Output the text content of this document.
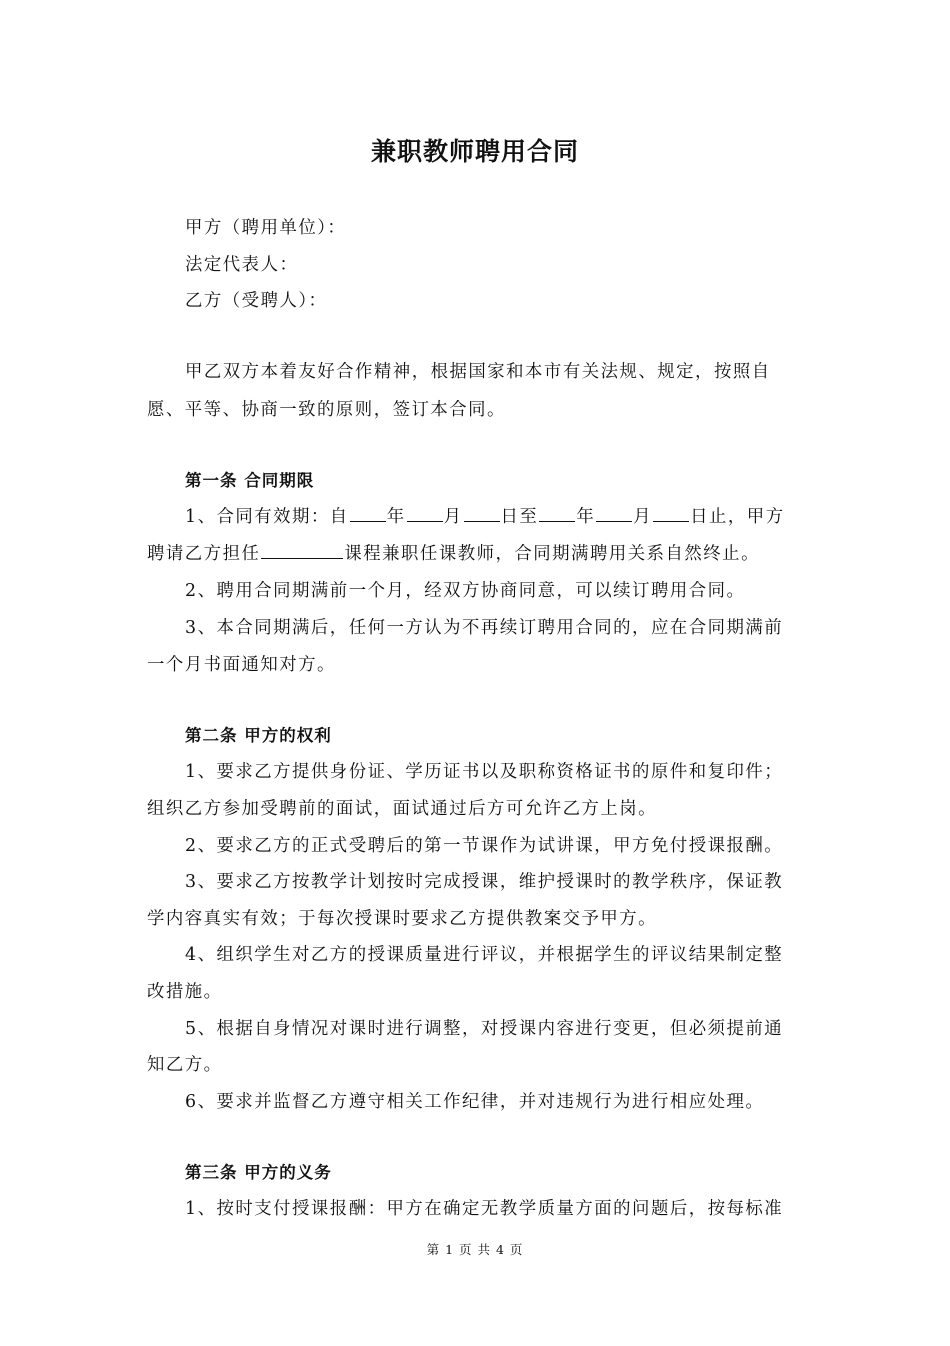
兼职教师聘用合同
甲方（聘用单位）：
法定代表人：
乙方（受聘人）：
甲乙双方本着友好合作精神，根据国家和本市有关法规、规定，按照自
愿、平等、协商一致的原则，签订本合同。
第一条 合同期限
1、合同有效期：自 年 月 日至 年 月 日止，甲方
聘请乙方担任	课程兼职任课教师，合同期满聘用关系自然终止。
2、聘用合同期满前一个月，经双方协商同意，可以续订聘用合同。
3、本合同期满后，任何一方认为不再续订聘用合同的，应在合同期满前
一个月书面通知对方。
第二条 甲方的权利
1、要求乙方提供身份证、学历证书以及职称资格证书的原件和复印件；
组织乙方参加受聘前的面试，面试通过后方可允许乙方上岗。
2、要求乙方的正式受聘后的第一节课作为试讲课，甲方免付授课报酬。
3、要求乙方按教学计划按时完成授课，维护授课时的教学秩序，保证教
学内容真实有效；于每次授课时要求乙方提供教案交予甲方。
4、组织学生对乙方的授课质量进行评议，并根据学生的评议结果制定整
改措施。
5、根据自身情况对课时进行调整，对授课内容进行变更，但必须提前通
知乙方。
6、要求并监督乙方遵守相关工作纪律，并对违规行为进行相应处理。
第三条 甲方的义务
1、按时支付授课报酬：甲方在确定无教学质量方面的问题后，按每标准
第 1 页 共 4 页
